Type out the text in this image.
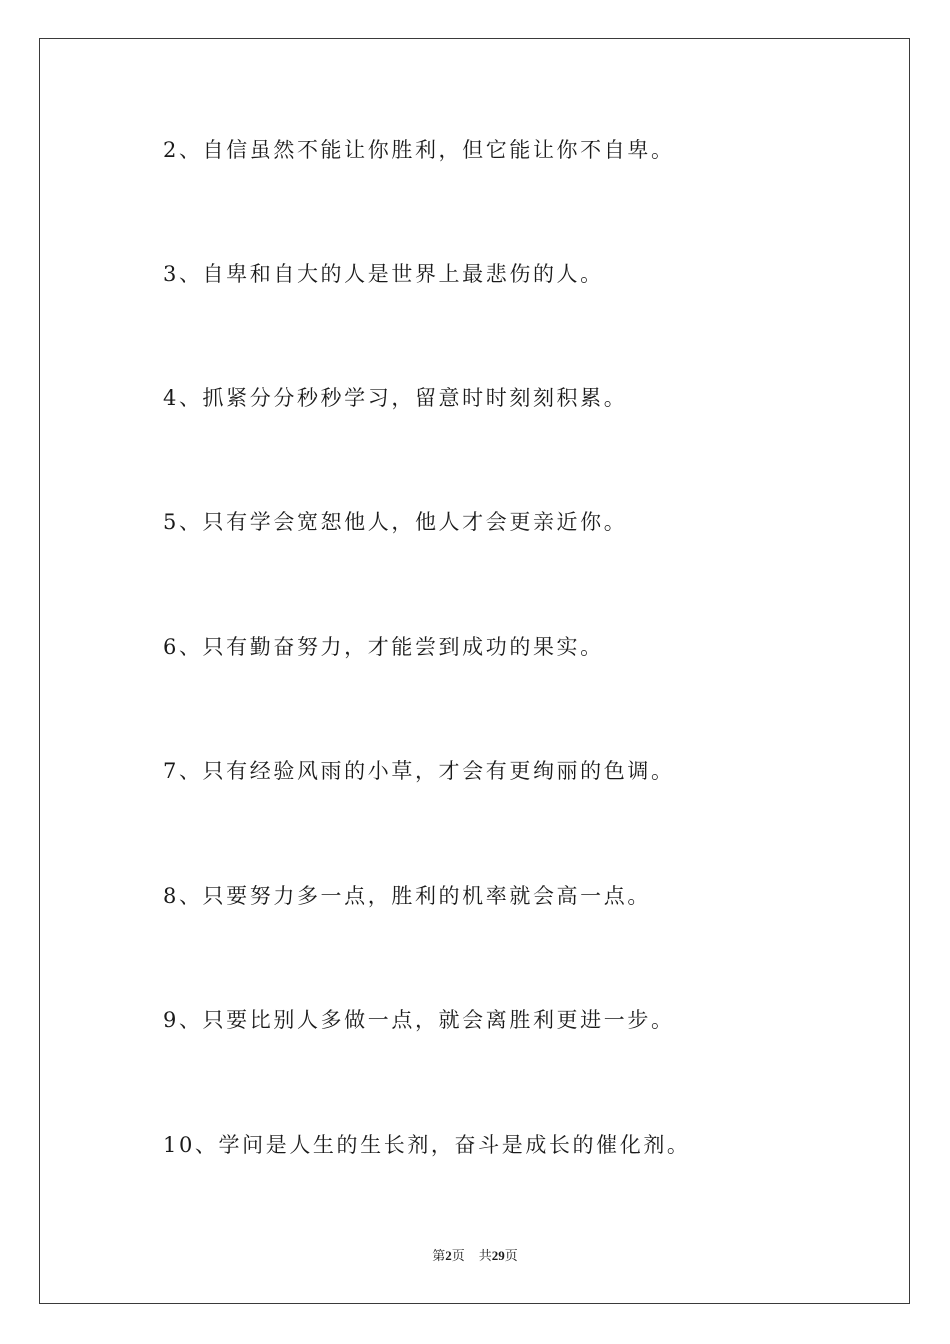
2、自信虽然不能让你胜利，但它能让你不自卑。
3、自卑和自大的人是世界上最悲伤的人。
4、抓紧分分秒秒学习，留意时时刻刻积累。
5、只有学会宽恕他人，他人才会更亲近你。
6、只有勤奋努力，才能尝到成功的果实。
7、只有经验风雨的小草，才会有更绚丽的色调。
8、只要努力多一点，胜利的机率就会高一点。
9、只要比别人多做一点，就会离胜利更进一步。
10、学问是人生的生长剂，奋斗是成长的催化剂。
第2页 共29页
